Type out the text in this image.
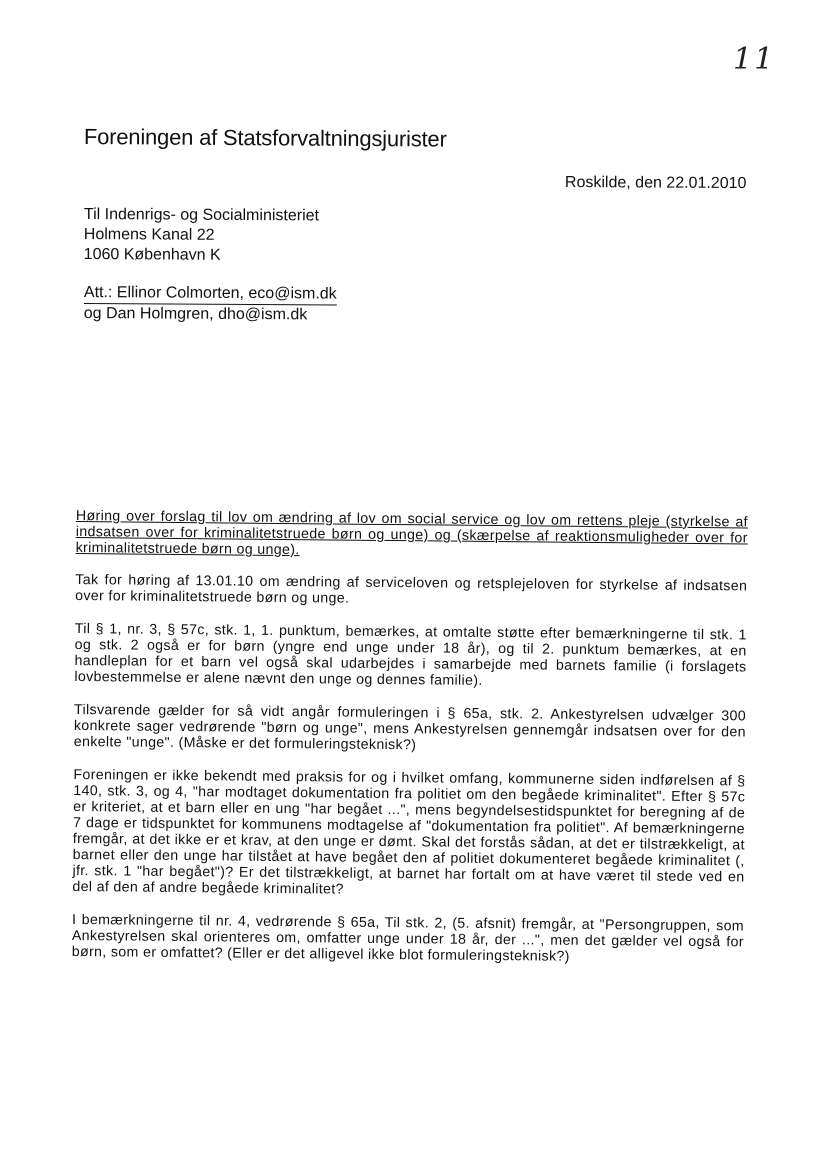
11
Foreningen af Statsforvaltningsjurister
Roskilde, den 22.01.2010
Til Indenrigs- og Socialministeriet
Holmens Kanal 22
1060 København K
Att.: Ellinor Colmorten, eco@ism.dk
og Dan Holmgren, dho@ism.dk

Høring over forslag til lov om ændring af lov om social service og lov om rettens pleje (styrkelse af indsatsen over for kriminalitetstruede børn og unge) og (skærpelse af reaktionsmuligheder over for kriminalitetstruede børn og unge).

Tak for høring af 13.01.10 om ændring af serviceloven og retsplejeloven for styrkelse af indsatsen over for kriminalitetstruede børn og unge.

Til § 1, nr. 3, § 57c, stk. 1, 1. punktum, bemærkes, at omtalte støtte efter bemærkningerne til stk. 1 og stk. 2 også er for børn (yngre end unge under 18 år), og til 2. punktum bemærkes, at en handleplan for et barn vel også skal udarbejdes i samarbejde med barnets familie (i forslagets lovbestemmelse er alene nævnt den unge og dennes familie).

Tilsvarende gælder for så vidt angår formuleringen i § 65a, stk. 2. Ankestyrelsen udvælger 300 konkrete sager vedrørende "børn og unge", mens Ankestyrelsen gennemgår indsatsen over for den enkelte "unge". (Måske er det formuleringsteknisk?)

Foreningen er ikke bekendt med praksis for og i hvilket omfang, kommunerne siden indførelsen af § 140, stk. 3, og 4, "har modtaget dokumentation fra politiet om den begåede kriminalitet". Efter § 57c er kriteriet, at et barn eller en ung "har begået ...", mens begyndelsestidspunktet for beregning af de 7 dage er tidspunktet for kommunens modtagelse af "dokumentation fra politiet". Af bemærkningerne fremgår, at det ikke er et krav, at den unge er dømt. Skal det forstås sådan, at det er tilstrækkeligt, at barnet eller den unge har tilstået at have begået den af politiet dokumenteret begåede kriminalitet (, jfr. stk. 1 "har begået")? Er det tilstrækkeligt, at barnet har fortalt om at have været til stede ved en del af den af andre begåede kriminalitet?

I bemærkningerne til nr. 4, vedrørende § 65a, Til stk. 2, (5. afsnit) fremgår, at "Persongruppen, som Ankestyrelsen skal orienteres om, omfatter unge under 18 år, der ...", men det gælder vel også for børn, som er omfattet? (Eller er det alligevel ikke blot formuleringsteknisk?)
